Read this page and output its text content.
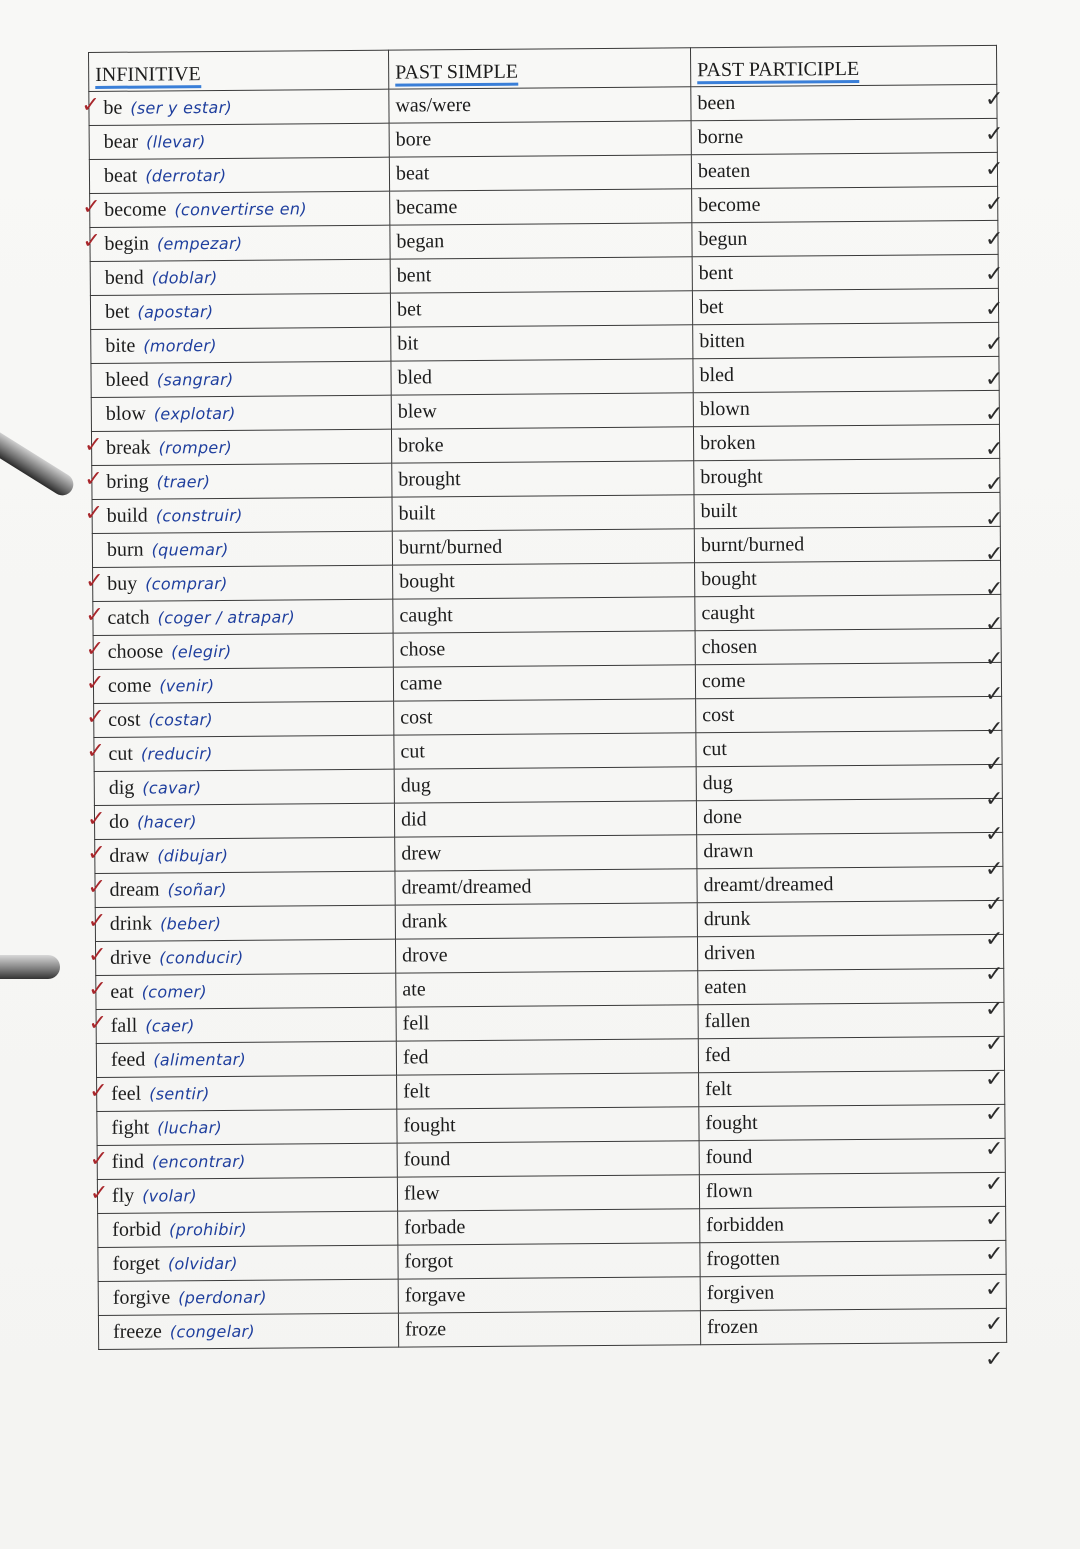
INFINITIVE	PAST SIMPLE	PAST PARTICIPLE

✓ be (ser y estar)	was/were	been
bear (llevar)	bore	borne
beat (derrotar)	beat	beaten

✓ become (convertirse en)	became	become

✓ begin (empezar)	began	begun
bend (doblar)	bent	bent
bet (apostar)	bet	bet
bite (morder)	bit	bitten
bleed (sangrar)	bled	bled
blow (explotar)	blew	blown

✓ break (romper)	broke	broken

✓ bring (traer)	brought	brought

✓ build (construir)	built	built
burn (quemar)	burnt/burned	burnt/burned

✓ buy (comprar)	bought	bought

✓ catch (coger / atrapar)	caught	caught

✓ choose (elegir)	chose	chosen

✓ come (venir)	came	come

✓ cost (costar)	cost	cost

✓ cut (reducir)	cut	cut
dig (cavar)	dug	dug

✓ do (hacer)	did	done

✓ draw (dibujar)	drew	drawn

✓ dream (soñar)	dreamt/dreamed	dreamt/dreamed

✓ drink (beber)	drank	drunk

✓ drive (conducir)	drove	driven

✓ eat (comer)	ate	eaten

✓ fall (caer)	fell	fallen
feed (alimentar)	fed	fed

✓ feel (sentir)	felt	felt
fight (luchar)	fought	fought

✓ find (encontrar)	found	found

✓ fly (volar)	flew	flown
forbid (prohibir)	forbade	forbidden
forget (olvidar)	forgot	frogotten
forgive (perdonar)	forgave	forgiven
freeze (congelar)	froze	frozen
✓
✓
✓
✓
✓
✓
✓
✓
✓
✓
✓
✓
✓
✓
✓
✓
✓
✓
✓
✓
✓
✓
✓
✓
✓
✓
✓
✓
✓
✓
✓
✓
✓
✓
✓
✓
✓
